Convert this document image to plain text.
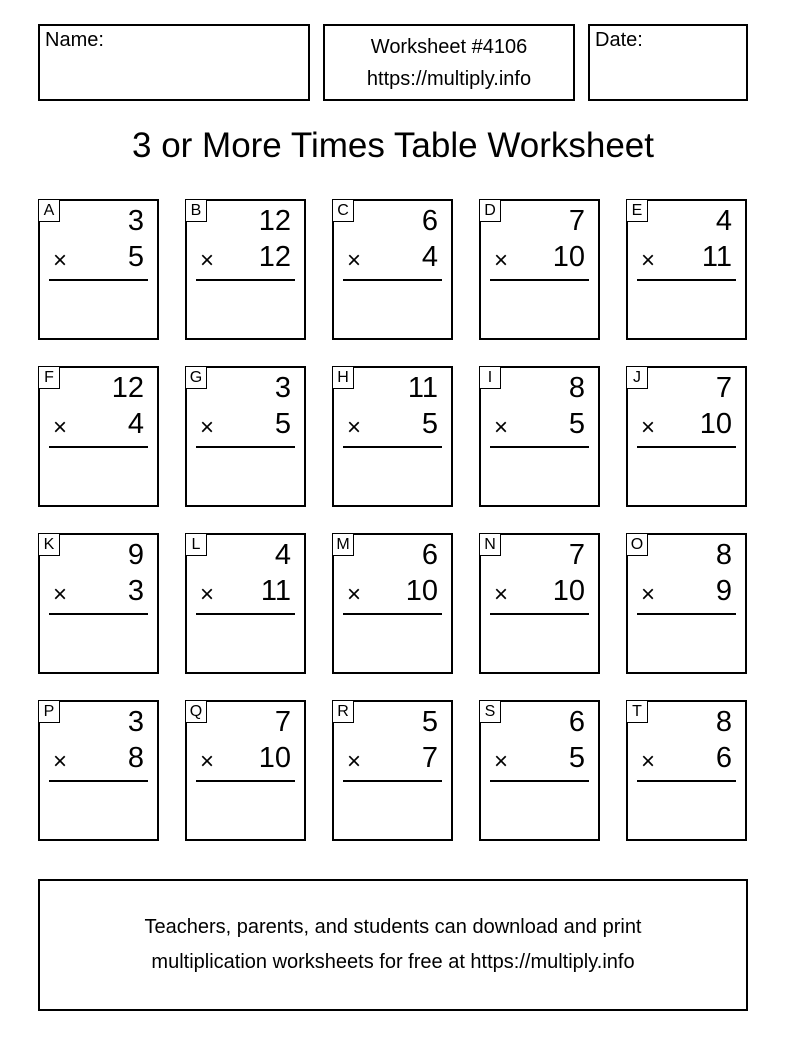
Name:	Worksheet #4106
https://multiply.info
Date:
3 or More Times Table Worksheet
A	3
× 5
B 12
× 12
C	6
× 4
D	7
× 10
E	4
× 11
F 12
× 4
G	3
× 5
H 11
× 5
I	8
× 5
J	7
× 10
K	9
× 3
L	4
× 11
M 6
× 10
N	7
× 10
O	8
× 9
P	3
× 8
Q	7
× 10
R	5
× 7
S	6
× 5
T	8
× 6
Teachers, parents, and students can download and print
multiplication worksheets for free at https://multiply.info
